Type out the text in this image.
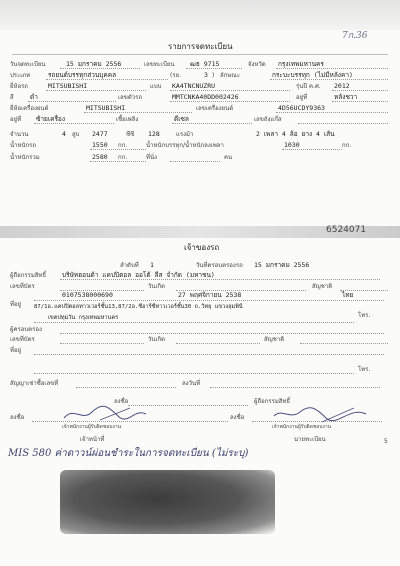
7ก.36
รายการจดทะเบียน
วันจดทะเบียน	15 มกราคม 2556	เลขทะเบียน ฒธ 9715	จังหวัด กรุงเทพมหานคร
ประเภท	รถยนต์บรรทุกส่วนบุคคล	(รย.	3 ) ลักษณะ	กระบะบรรทุก (ไม่มีหลังคา)
ยี่ห้อรถ	MITSUBISHI	แบบ KA4TNCNUZRU	รุ่นปี ค.ศ. 2012
สี	ดำ	เลขตัวรถ	MMTCNKA40DD002426	อยู่ที่	หลังชวา
ยี่ห้อเครื่องยนต์	MITSUBISHI	เลขเครื่องยนต์	4D56UCDY9363
อยู่ที่ ซ้ายเครื่อง	เชื้อเพลิง	ดีเซล	เลขถังแก๊ส
จำนวน	4 สูบ 2477	ซีซี 128	แรงม้า	2 เพลา 4 ล้อ ยาง 4 เส้น
น้ำหนักรถ	1550 กก.	น้ำหนักบรรทุก/น้ำหนักลงเพลา	1030	กก.
น้ำหนักรวม	2580 กก.	ที่นั่ง	คน
6524071
เจ้าของรถ
ลำดับที่ 1	วันที่ครอบครองรถ 15 มกราคม 2556
ผู้ถือกรรมสิทธิ์ บริษัทฮอนด้า แคปปิตอล ออโต้ ลีส จำกัด (มหาชน)
เลขที่บัตร	วันเกิด	สัญชาติ
0107538000690	27 พฤศจิกายน 2538	ไทย
ที่อยู่ 87/1อ.แคปปิตอลทาวเวอร์ชั้น13,87/2อ.ซีอาร์ซีทาวเวอร์ชั้น30 ถ.วิทยุ แขวงลุมพินี
เขตปทุมวัน กรุงเทพมหานคร	โทร.
ผู้ครอบครอง
เลขที่บัตร	วันเกิด	สัญชาติ
ที่อยู่
โทร.
สัญญาเช่าซื้อเลขที่	ลงวันที่
ลงชื่อ	ผู้ถือกรรมสิทธิ์
ลงชื่อ	ลงชื่อ
เจ้าพนักงานผู้รับผิดชอบงาน	เจ้าพนักงานผู้รับผิดชอบงาน
เจ้าหน้าที่	นายทะเบียน	5
MIS 580 ค่าดาวน์ผ่อนชำระในการจดทะเบียน (ไม่ระบุ)
